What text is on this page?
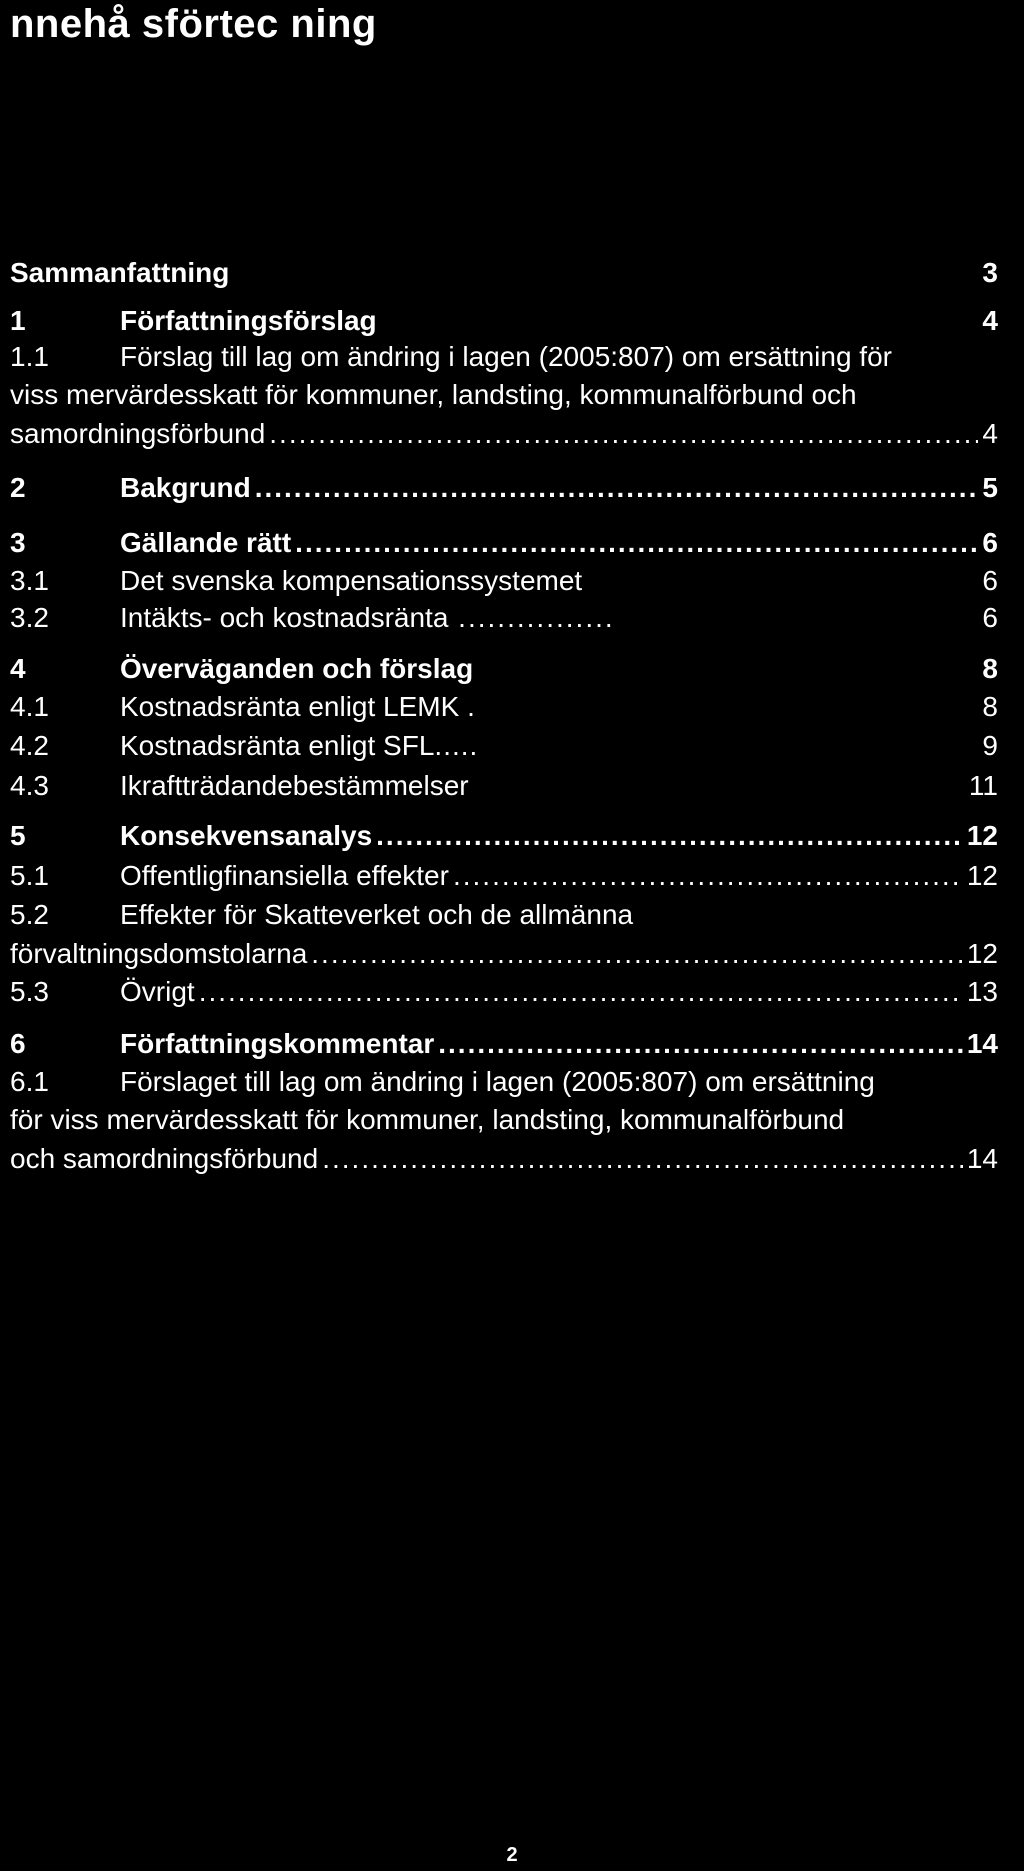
nnehå sförtec ning
Sammanfattning	3
1	Författningsförslag	4
1.1	Förslag till lag om ändring i lagen (2005:807) om ersättning för
viss mervärdesskatt för kommuner, landsting, kommunalförbund och
samordningsförbund .....	4
2	Bakgrund .....	5
3	Gällande rätt .....	6
3.1	Det svenska kompensationssystemet	6
3.2	Intäkts- och kostnadsränta ................	6
4	Överväganden och förslag	8
4.1	Kostnadsränta enligt LEMK .	8
4.2	Kostnadsränta enligt SFL.....	9
4.3	Ikraftträdandebestämmelser	11
5	Konsekvensanalys .....	12
5.1	Offentligfinansiella effekter .....	12
5.2	Effekter för Skatteverket och de allmänna
förvaltningsdomstolarna .....	12
5.3	Övrigt .....	13
6	Författningskommentar .....	14
6.1	Förslaget till lag om ändring i lagen (2005:807) om ersättning
för viss mervärdesskatt för kommuner, landsting, kommunalförbund
och samordningsförbund .....	14
2
